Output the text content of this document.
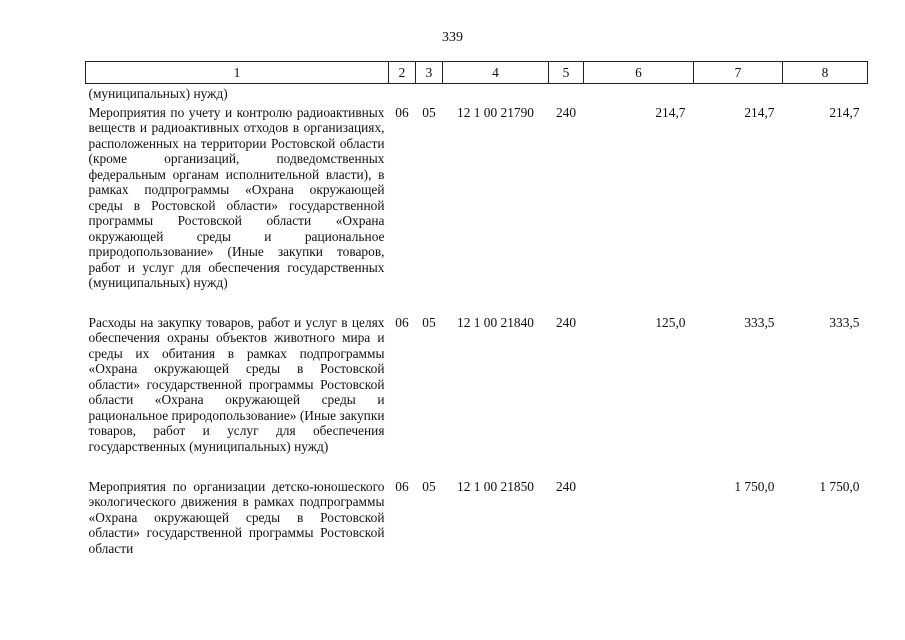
339
1	2	3	4	5	6	7	8
(муниципальных) нужд)							
Мероприятия по учету и контролю радиоактивных веществ и радиоактивных отходов в организациях, расположенных на территории Ростовской области (кроме организаций, подведомственных федеральным органам исполнительной власти), в рамках подпрограммы «Охрана окружающей среды в Ростовской области» государственной программы Ростовской области «Охрана окружающей среды и рациональное природопользование» (Иные закупки товаров, работ и услуг для обеспечения государственных (муниципальных) нужд)	06	05	12 1 00 21790	240	214,7	214,7	214,7
Расходы на закупку товаров, работ и услуг в целях обеспечения охраны объектов животного мира и среды их обитания в рамках подпрограммы «Охрана окружающей среды в Ростовской области» государственной программы Ростовской области «Охрана окружающей среды и рациональное природопользование» (Иные закупки товаров, работ и услуг для обеспечения государственных (муниципальных) нужд)	06	05	12 1 00 21840	240	125,0	333,5	333,5
Мероприятия по организации детско-юношеского экологического движения в рамках подпрограммы «Охрана окружающей среды в Ростовской области» государственной программы Ростовской области	06	05	12 1 00 21850	240		1 750,0	1 750,0
